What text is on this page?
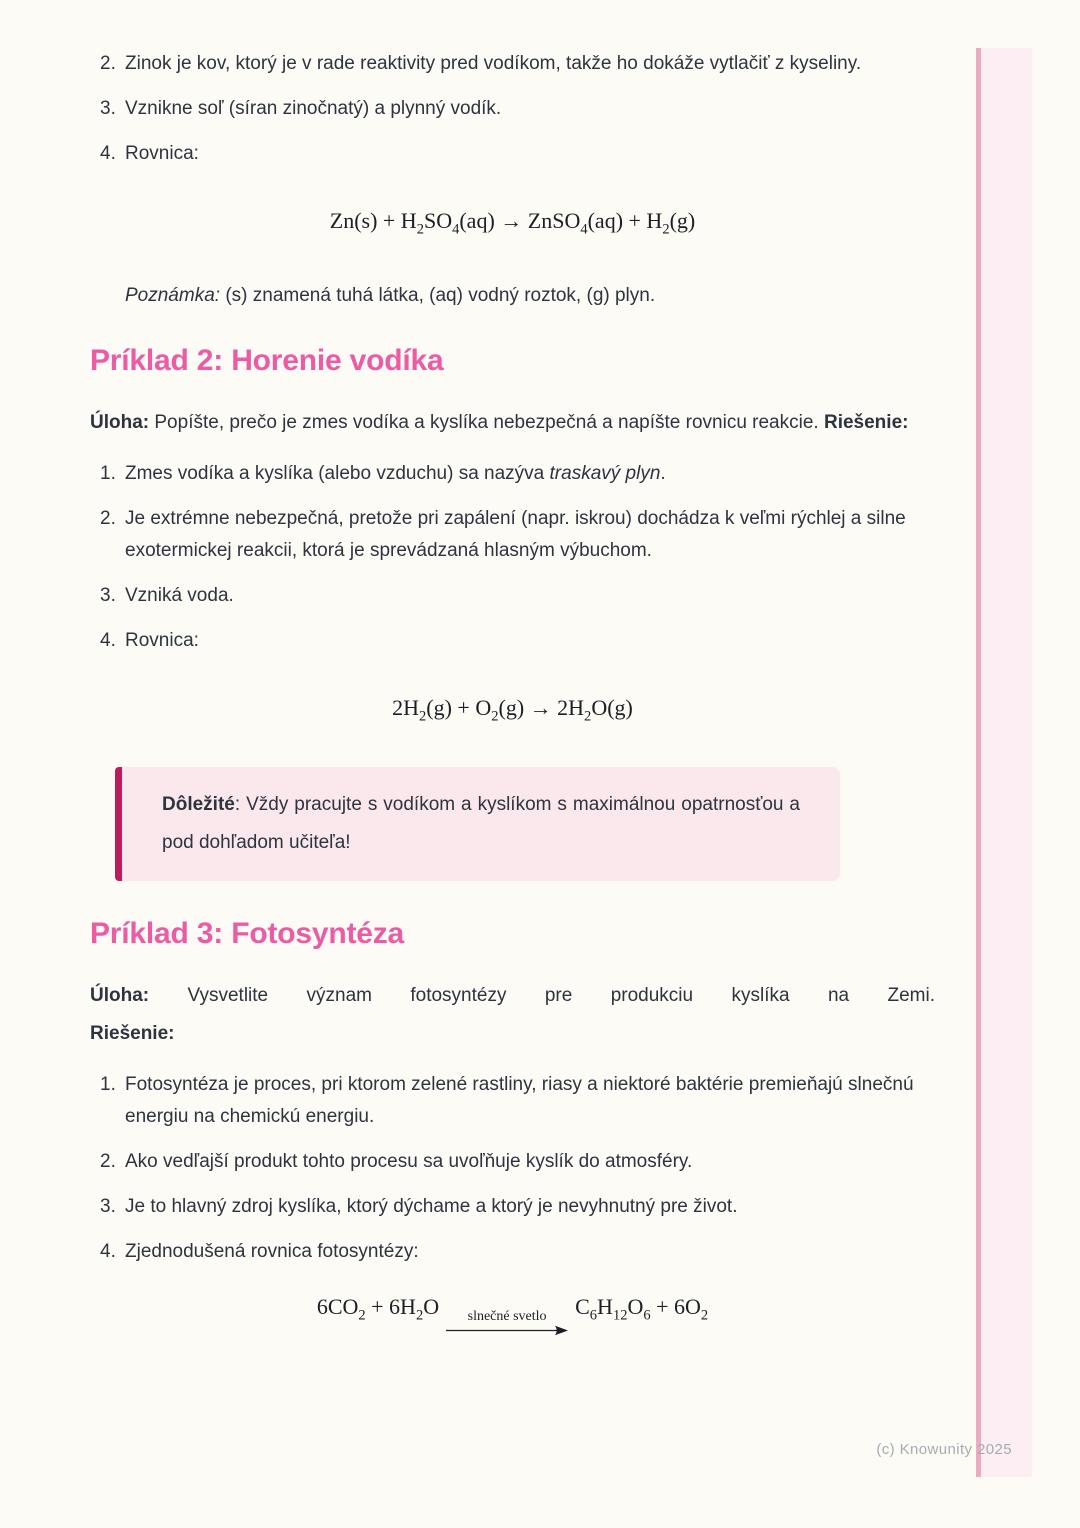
2. Zinok je kov, ktorý je v rade reaktivity pred vodíkom, takže ho dokáže vytlačiť z kyseliny.
3. Vznikne soľ (síran zinočnatý) a plynný vodík.
4. Rovnica:
$Zn(s) + H_2SO_4(aq)$ → ZnSO$_4$(aq) + $H_2(g)$

Poznámka: (s) znamená tuhá látka, (aq) vodný roztok, (g) plyn.

Príklad 2: Horenie vodíka

Úloha: Popíšte, prečo je zmes vodíka a kyslíka nebezpečná a napíšte rovnicu reakcie. Riešenie:

1. Zmes vodíka a kyslíka (alebo vzduchu) sa nazýva traskavý plyn.
2. Je extrémne nebezpečná, pretože pri zapálení (napr. iskrou) dochádza k veľmi rýchlej a silne exotermickej reakcii, ktorá je sprevádzaná hlasným výbuchom.
3. Vzniká voda.
4. Rovnica:
$2H_2(g) + O_2(g) \to 2H_2O(g)$
Dôležité: Vždy pracujte s vodíkom a kyslíkom s maximálnou opatrnosťou a pod dohľadom učiteľa!
Príklad 3: Fotosyntéza

Úloha: Vysvetlite význam fotosyntézy pre produkciu kyslíka na Zemi.
Riešenie:

1. Fotosyntéza je proces, pri ktorom zelené rastliny, riasy a niektoré baktérie premieňajú slnečnú energiu na chemickú energiu.
2. Ako vedľajší produkt tohto procesu sa uvoľňuje kyslík do atmosféry.
3. Je to hlavný zdroj kyslíka, ktorý dýchame a ktorý je nevyhnutný pre život.
4. Zjednodušená rovnica fotosyntézy:
$6CO_2 + 6H_2O$ slnečné svetlo $C_6H_{12}O_6 + 6O_2$
(c) Knowunity 2025
